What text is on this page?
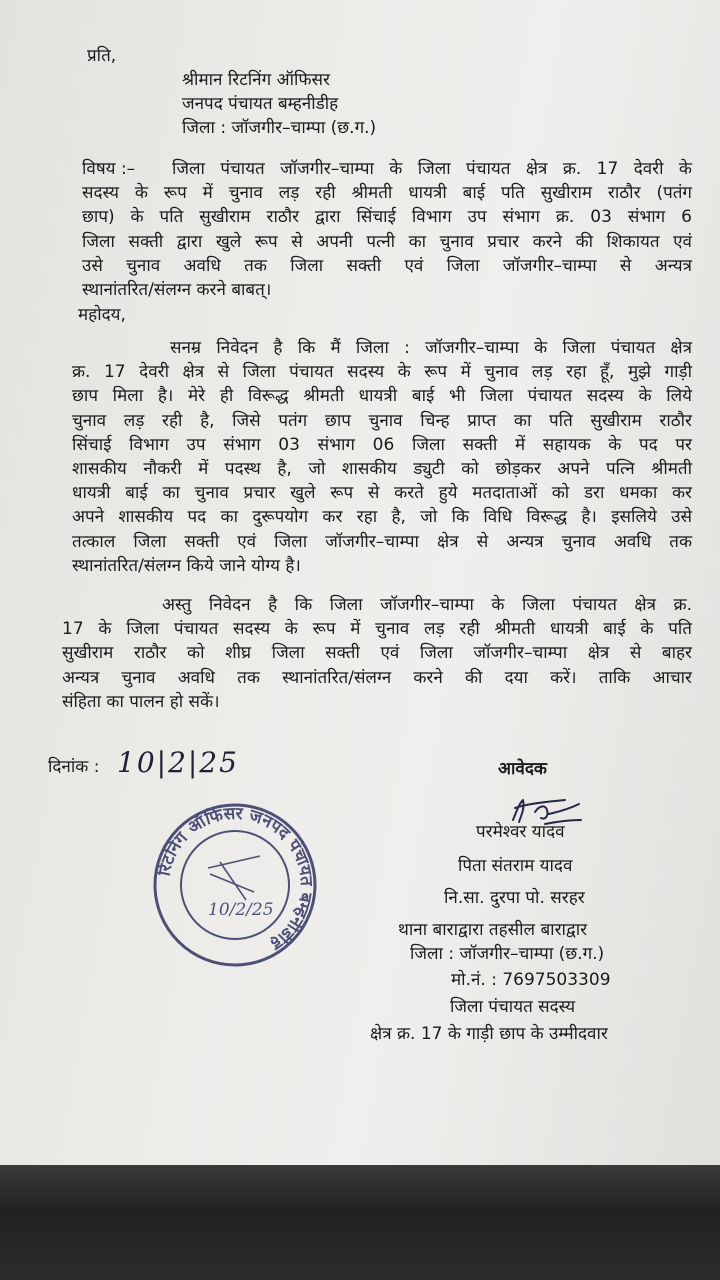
प्रति,
श्रीमान रिटनिंग ऑफिसर
जनपद पंचायत बम्हनीडीह
जिला : जॉजगीर–चाम्पा (छ.ग.)
विषय :–	जिला पंचायत जॉजगीर–चाम्पा के जिला पंचायत क्षेत्र क्र. 17 देवरी के
सदस्य के रूप में चुनाव लड़ रही श्रीमती धायत्री बाई पति सुखीराम राठौर (पतंग
छाप) के पति सुखीराम राठौर द्वारा सिंचाई विभाग उप संभाग क्र. 03 संभाग 6
जिला सक्ती द्वारा खुले रूप से अपनी पत्नी का चुनाव प्रचार करने की शिकायत एवं
उसे चुनाव अवधि तक जिला सक्ती एवं जिला जॉजगीर–चाम्पा से अन्यत्र
स्थानांतरित/संलग्न करने बाबत्।
महोदय,
सनम्र निवेदन है कि मैं जिला : जॉजगीर–चाम्पा के जिला पंचायत क्षेत्र
क्र. 17 देवरी क्षेत्र से जिला पंचायत सदस्य के रूप में चुनाव लड़ रहा हूँ, मुझे गाड़ी
छाप मिला है। मेरे ही विरूद्ध श्रीमती धायत्री बाई भी जिला पंचायत सदस्य के लिये
चुनाव लड़ रही है, जिसे पतंग छाप चुनाव चिन्ह प्राप्त का पति सुखीराम राठौर
सिंचाई विभाग उप संभाग 03 संभाग 06 जिला सक्ती में सहायक के पद पर
शासकीय नौकरी में पदस्थ है, जो शासकीय ड्युटी को छोड़कर अपने पत्नि श्रीमती
धायत्री बाई का चुनाव प्रचार खुले रूप से करते हुये मतदाताओं को डरा धमका कर
अपने शासकीय पद का दुरूपयोग कर रहा है, जो कि विधि विरूद्ध है। इसलिये उसे
तत्काल जिला सक्ती एवं जिला जॉजगीर–चाम्पा क्षेत्र से अन्यत्र चुनाव अवधि तक
स्थानांतरित/संलग्न किये जाने योग्य है।
अस्तु निवेदन है कि जिला जॉजगीर–चाम्पा के जिला पंचायत क्षेत्र क्र.
17 के जिला पंचायत सदस्य के रूप में चुनाव लड़ रही श्रीमती धायत्री बाई के पति
सुखीराम राठौर को शीघ्र जिला सक्ती एवं जिला जॉजगीर–चाम्पा क्षेत्र से बाहर
अन्यत्र चुनाव अवधि तक स्थानांतरित/संलग्न करने की दया करें। ताकि आचार
संहिता का पालन हो सकें।
दिनांक : 10|2|25	आवेदक
परमेश्वर यादव
पिता संतराम यादव
नि.सा. दुरपा पो. सरहर
थाना बाराद्वारा तहसील बाराद्वार
जिला : जॉजगीर–चाम्पा (छ.ग.)
मो.नं. : 7697503309
जिला पंचायत सदस्य
क्षेत्र क्र. 17 के गाड़ी छाप के उम्मीदवार
रिटनिंग ऑफिसर जनपद पंचायत बम्हनीडीह
10/2/25
